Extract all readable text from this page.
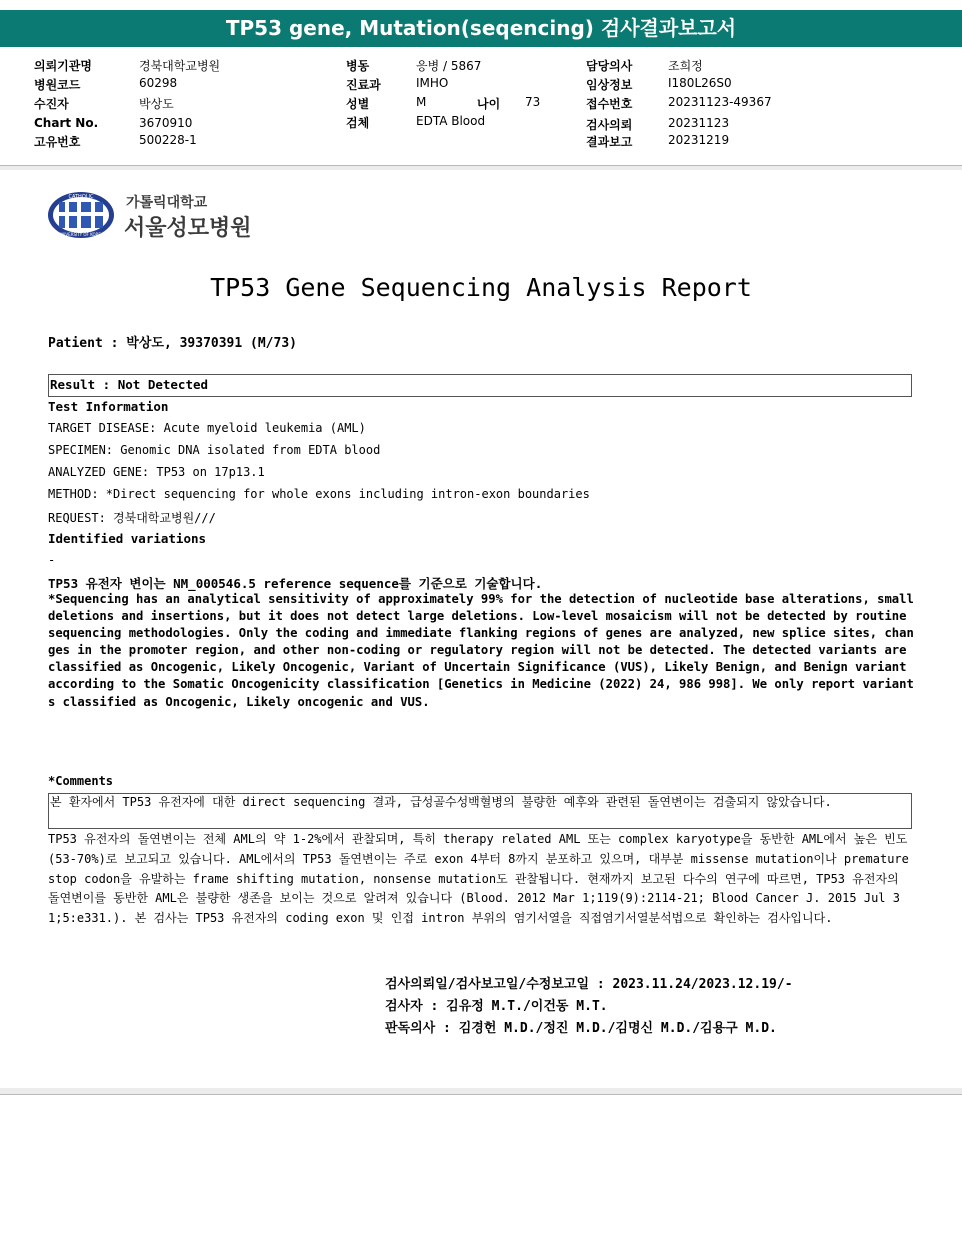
TP53 gene, Mutation(seqencing) 검사결과보고서
의뢰기관명	경북대학교병원
병원코드	60298
수진자	박상도
Chart No.	3670910
고유번호	500228-1
병동	응병 / 5867
진료과	IMHO
성별	M	나이 73
검체	EDTA Blood
담당의사	조희정
임상정보	I180L26S0
접수번호	20231123-49367
검사의뢰	20231123
결과보고	20231219
CATHOLIC
UNIVERSITY OF KOREA
가톨릭대학교
서울성모병원
TP53 Gene Sequencing Analysis Report
Patient : 박상도, 39370391 (M/73)
Result : Not Detected
Test Information
TARGET DISEASE: Acute myeloid leukemia (AML)
SPECIMEN: Genomic DNA isolated from EDTA blood
ANALYZED GENE: TP53 on 17p13.1
METHOD: *Direct sequencing for whole exons including intron-exon boundaries
REQUEST: 경북대학교병원///
Identified variations
-
TP53 유전자 변이는 NM_000546.5 reference sequence를 기준으로 기술합니다.
*Sequencing has an analytical sensitivity of approximately 99% for the detection of nucleotide base alterations, small deletions and insertions, but it does not detect large deletions. Low-level mosaicism will not be detected by routine sequencing methodologies. Only the coding and immediate flanking regions of genes are analyzed, new splice sites, changes in the promoter region, and other non-coding or regulatory region will not be detected. The detected variants are classified as Oncogenic, Likely Oncogenic, Variant of Uncertain Significance (VUS), Likely Benign, and Benign variant according to the Somatic Oncogenicity classification [Genetics in Medicine (2022) 24, 986 998]. We only report variants classified as Oncogenic, Likely oncogenic and VUS.
*Comments
본 환자에서 TP53 유전자에 대한 direct sequencing 결과, 급성골수성백혈병의 불량한 예후와 관련된 돌연변이는 검출되지 않았습니다.
TP53 유전자의 돌연변이는 전체 AML의 약 1-2%에서 관찰되며, 특히 therapy related AML 또는 complex karyotype을 동반한 AML에서 높은 빈도(53-70%)로 보고되고 있습니다. AML에서의 TP53 돌연변이는 주로 exon 4부터 8까지 분포하고 있으며, 대부분 missense mutation이나 premature stop codon을 유발하는 frame shifting mutation, nonsense mutation도 관찰됩니다. 현재까지 보고된 다수의 연구에 따르면, TP53 유전자의 돌연변이를 동반한 AML은 불량한 생존을 보이는 것으로 알려져 있습니다 (Blood. 2012 Mar 1;119(9):2114-21; Blood Cancer J. 2015 Jul 31;5:e331.). 본 검사는 TP53 유전자의 coding exon 및 인접 intron 부위의 염기서열을 직접염기서열분석법으로 확인하는 검사입니다.
검사의뢰일/검사보고일/수정보고일 : 2023.11.24/2023.12.19/-
검사자 : 김유정 M.T./이건동 M.T.
판독의사 : 김경헌 M.D./정진 M.D./김명신 M.D./김용구 M.D.
